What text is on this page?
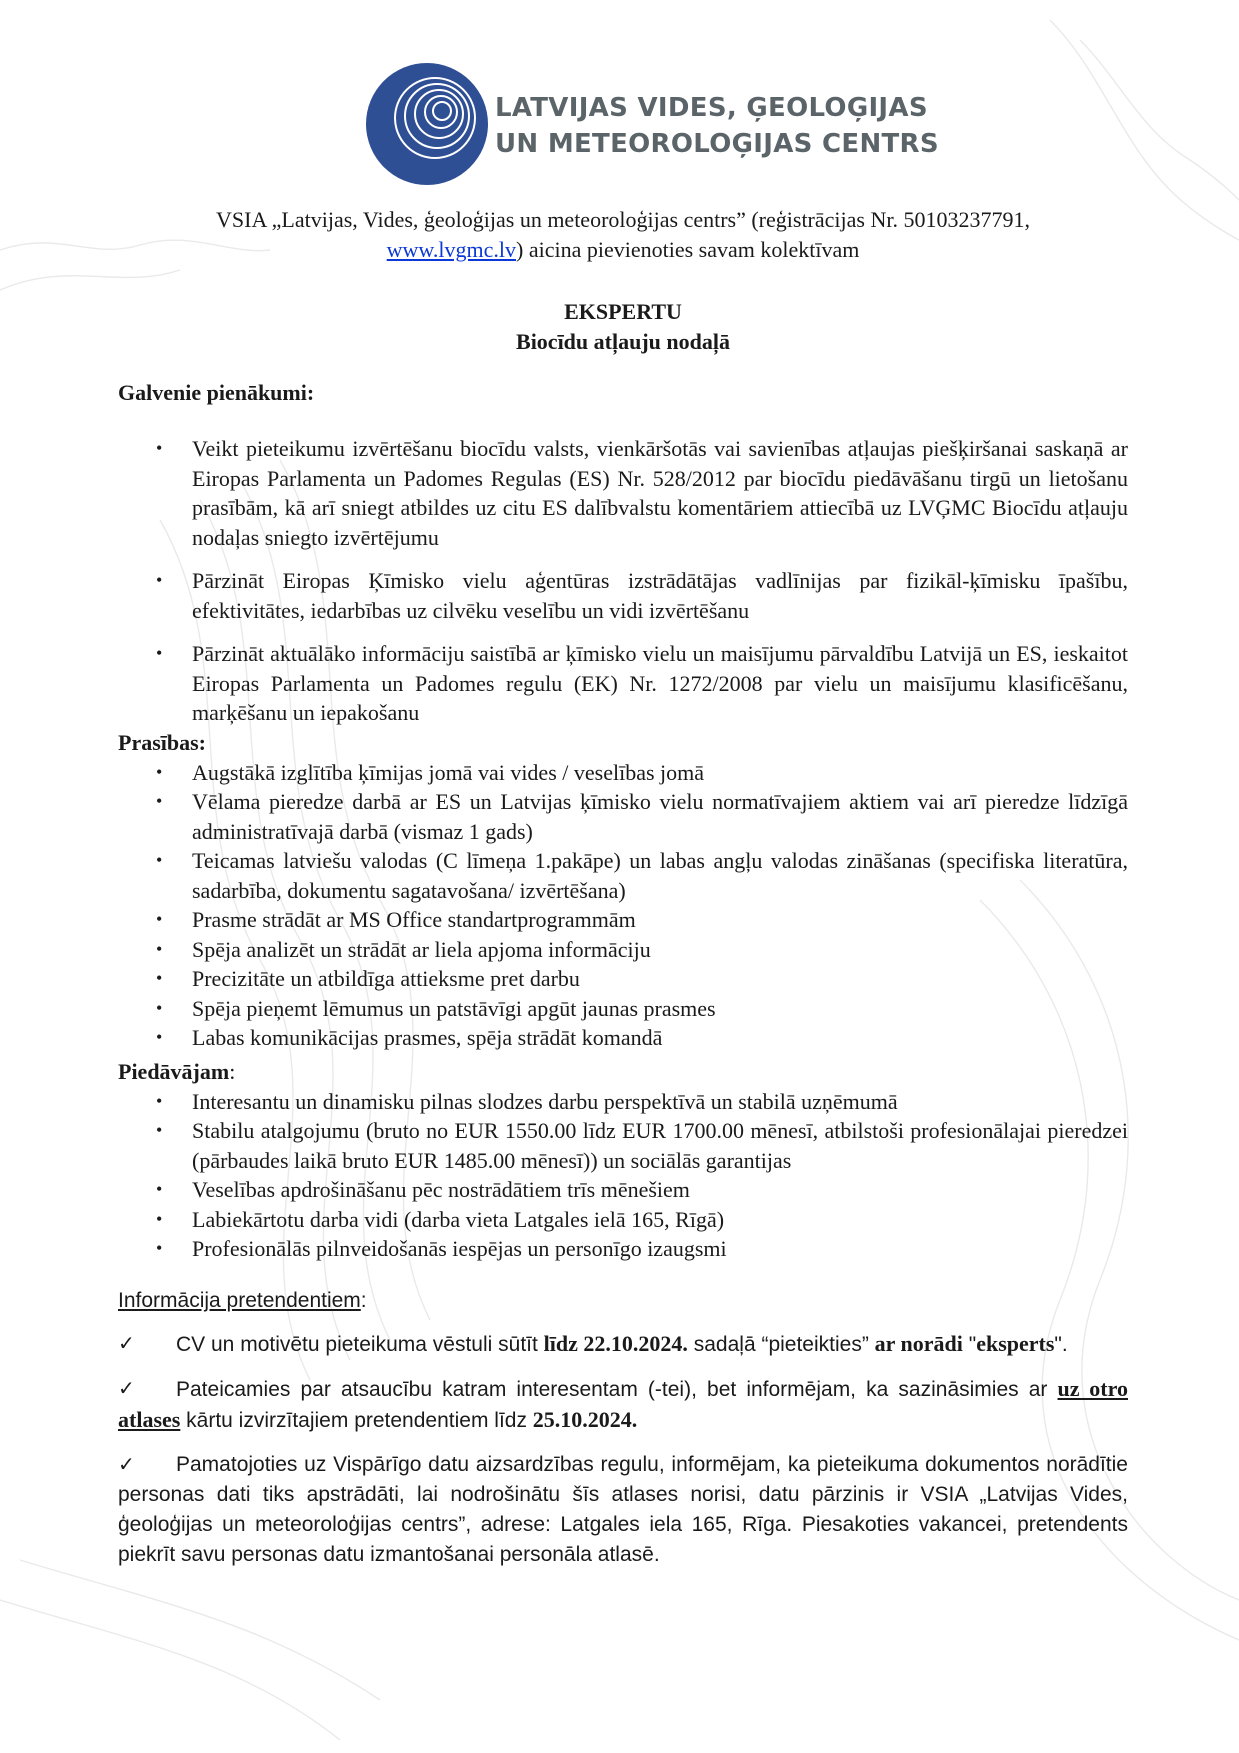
LATVIJAS VIDES, ĢEOLOĢIJAS
UN METEOROLOĢIJAS CENTRS
VSIA „Latvijas, Vides, ģeoloģijas un meteoroloģijas centrs” (reģistrācijas Nr. 50103237791,
www.lvgmc.lv) aicina pievienoties savam kolektīvam
EKSPERTU
Biocīdu atļauju nodaļā
Galvenie pienākumi:
• Veikt pieteikumu izvērtēšanu biocīdu valsts, vienkāršotās vai savienības atļaujas piešķiršanai saskaņā ar Eiropas Parlamenta un Padomes Regulas (ES) Nr. 528/2012 par biocīdu piedāvāšanu tirgū un lietošanu prasībām, kā arī sniegt atbildes uz citu ES dalībvalstu komentāriem attiecībā uz LVĢMC Biocīdu atļauju nodaļas sniegto izvērtējumu
• Pārzināt Eiropas Ķīmisko vielu aģentūras izstrādātājas vadlīnijas par fizikāl-ķīmisku īpašību, efektivitātes, iedarbības uz cilvēku veselību un vidi izvērtēšanu
• Pārzināt aktuālāko informāciju saistībā ar ķīmisko vielu un maisījumu pārvaldību Latvijā un ES, ieskaitot Eiropas Parlamenta un Padomes regulu (EK) Nr. 1272/2008 par vielu un maisījumu klasificēšanu, marķēšanu un iepakošanu
Prasības:
• Augstākā izglītība ķīmijas jomā vai vides / veselības jomā
• Vēlama pieredze darbā ar ES un Latvijas ķīmisko vielu normatīvajiem aktiem vai arī pieredze līdzīgā administratīvajā darbā (vismaz 1 gads)
• Teicamas latviešu valodas (C līmeņa 1.pakāpe) un labas angļu valodas zināšanas (specifiska literatūra, sadarbība, dokumentu sagatavošana/ izvērtēšana)
• Prasme strādāt ar MS Office standartprogrammām
• Spēja analizēt un strādāt ar liela apjoma informāciju
• Precizitāte un atbildīga attieksme pret darbu
• Spēja pieņemt lēmumus un patstāvīgi apgūt jaunas prasmes
• Labas komunikācijas prasmes, spēja strādāt komandā
Piedāvājam:
• Interesantu un dinamisku pilnas slodzes darbu perspektīvā un stabilā uzņēmumā
• Stabilu atalgojumu (bruto no EUR 1550.00 līdz EUR 1700.00 mēnesī, atbilstoši profesionālajai pieredzei (pārbaudes laikā bruto EUR 1485.00 mēnesī)) un sociālās garantijas
• Veselības apdrošināšanu pēc nostrādātiem trīs mēnešiem
• Labiekārtotu darba vidi (darba vieta Latgales ielā 165, Rīgā)
• Profesionālās pilnveidošanās iespējas un personīgo izaugsmi
Informācija pretendentiem:
✓ CV un motivētu pieteikuma vēstuli sūtīt līdz 22.10.2024. sadaļā “pieteikties” ar norādi "eksperts".
✓ Pateicamies par atsaucību katram interesentam (-tei), bet informējam, ka sazināsimies ar uz otro atlases kārtu izvirzītajiem pretendentiem līdz 25.10.2024.
✓ Pamatojoties uz Vispārīgo datu aizsardzības regulu, informējam, ka pieteikuma dokumentos norādītie personas dati tiks apstrādāti, lai nodrošinātu šīs atlases norisi, datu pārzinis ir VSIA „Latvijas Vides, ģeoloģijas un meteoroloģijas centrs”, adrese: Latgales iela 165, Rīga. Piesakoties vakancei, pretendents piekrīt savu personas datu izmantošanai personāla atlasē.
